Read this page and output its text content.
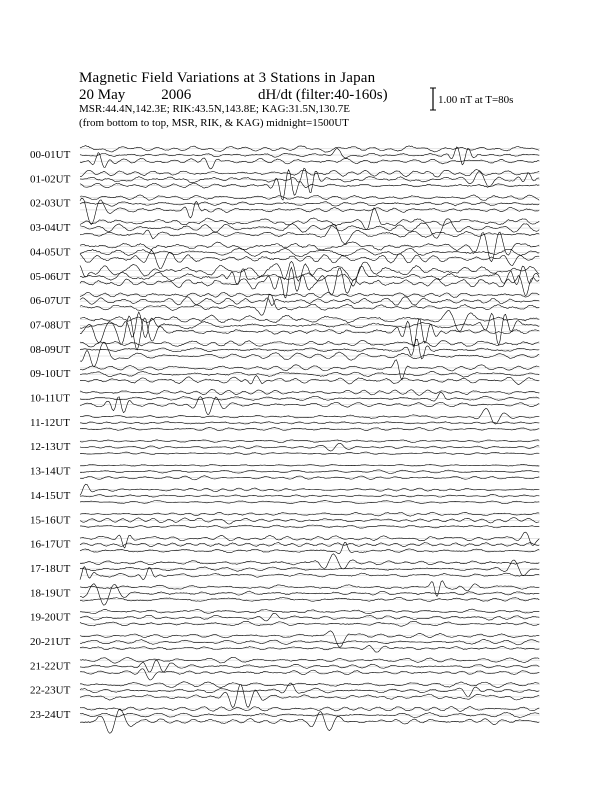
Magnetic Field Variations at 3 Stations in Japan
20 May 2006	dH/dt (filter:40-160s)
MSR:44.4N,142.3E; RIK:43.5N,143.8E; KAG:31.5N,130.7E
(from bottom to top, MSR, RIK, & KAG) midnight=1500UT
1.00 nT at T=80s
00-01UT
01-02UT
02-03UT
03-04UT
04-05UT
05-06UT
06-07UT
07-08UT
08-09UT
09-10UT
10-11UT
11-12UT
12-13UT
13-14UT
14-15UT
15-16UT
16-17UT
17-18UT
18-19UT
19-20UT
20-21UT
21-22UT
22-23UT
23-24UT
